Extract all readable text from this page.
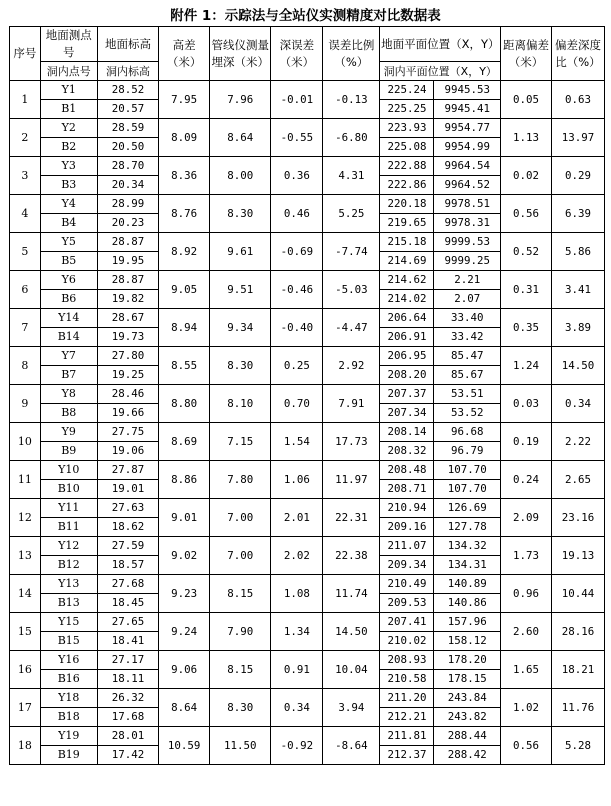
附件 1：示踪法与全站仪实测精度对比数据表
序号	地面测点号	地面标高	高差（米）	管线仪测量埋深（米）	深误差（米）	误差比例（%）	地面平面位置（X，Y）		距离偏差（米）	偏差深度比（%）
	洞内点号	洞内标高					洞内平面位置（X，Y）			
1	Y1	28.52	7.95	7.96	-0.01	-0.13	225.24	9945.53	0.05	0.63
	B1	20.57					225.25	9945.41		
2	Y2	28.59	8.09	8.64	-0.55	-6.80	223.93	9954.77	1.13	13.97
	B2	20.50					225.08	9954.99		
3	Y3	28.70	8.36	8.00	0.36	4.31	222.88	9964.54	0.02	0.29
	B3	20.34					222.86	9964.52		
4	Y4	28.99	8.76	8.30	0.46	5.25	220.18	9978.51	0.56	6.39
	B4	20.23					219.65	9978.31		
5	Y5	28.87	8.92	9.61	-0.69	-7.74	215.18	9999.53	0.52	5.86
	B5	19.95					214.69	9999.25		
6	Y6	28.87	9.05	9.51	-0.46	-5.03	214.62	2.21	0.31	3.41
	B6	19.82					214.02	2.07		
7	Y14	28.67	8.94	9.34	-0.40	-4.47	206.64	33.40	0.35	3.89
	B14	19.73					206.91	33.42		
8	Y7	27.80	8.55	8.30	0.25	2.92	206.95	85.47	1.24	14.50
	B7	19.25					208.20	85.67		
9	Y8	28.46	8.80	8.10	0.70	7.91	207.37	53.51	0.03	0.34
	B8	19.66					207.34	53.52		
10	Y9	27.75	8.69	7.15	1.54	17.73	208.14	96.68	0.19	2.22
	B9	19.06					208.32	96.79		
11	Y10	27.87	8.86	7.80	1.06	11.97	208.48	107.70	0.24	2.65
	B10	19.01					208.71	107.70		
12	Y11	27.63	9.01	7.00	2.01	22.31	210.94	126.69	2.09	23.16
	B11	18.62					209.16	127.78		
13	Y12	27.59	9.02	7.00	2.02	22.38	211.07	134.32	1.73	19.13
	B12	18.57					209.34	134.31		
14	Y13	27.68	9.23	8.15	1.08	11.74	210.49	140.89	0.96	10.44
	B13	18.45					209.53	140.86		
15	Y15	27.65	9.24	7.90	1.34	14.50	207.41	157.96	2.60	28.16
	B15	18.41					210.02	158.12		
16	Y16	27.17	9.06	8.15	0.91	10.04	208.93	178.20	1.65	18.21
	B16	18.11					210.58	178.15		
17	Y18	26.32	8.64	8.30	0.34	3.94	211.20	243.84	1.02	11.76
	B18	17.68					212.21	243.82		
18	Y19	28.01	10.59	11.50	-0.92	-8.64	211.81	288.44	0.56	5.28
	B19	17.42					212.37	288.42		
